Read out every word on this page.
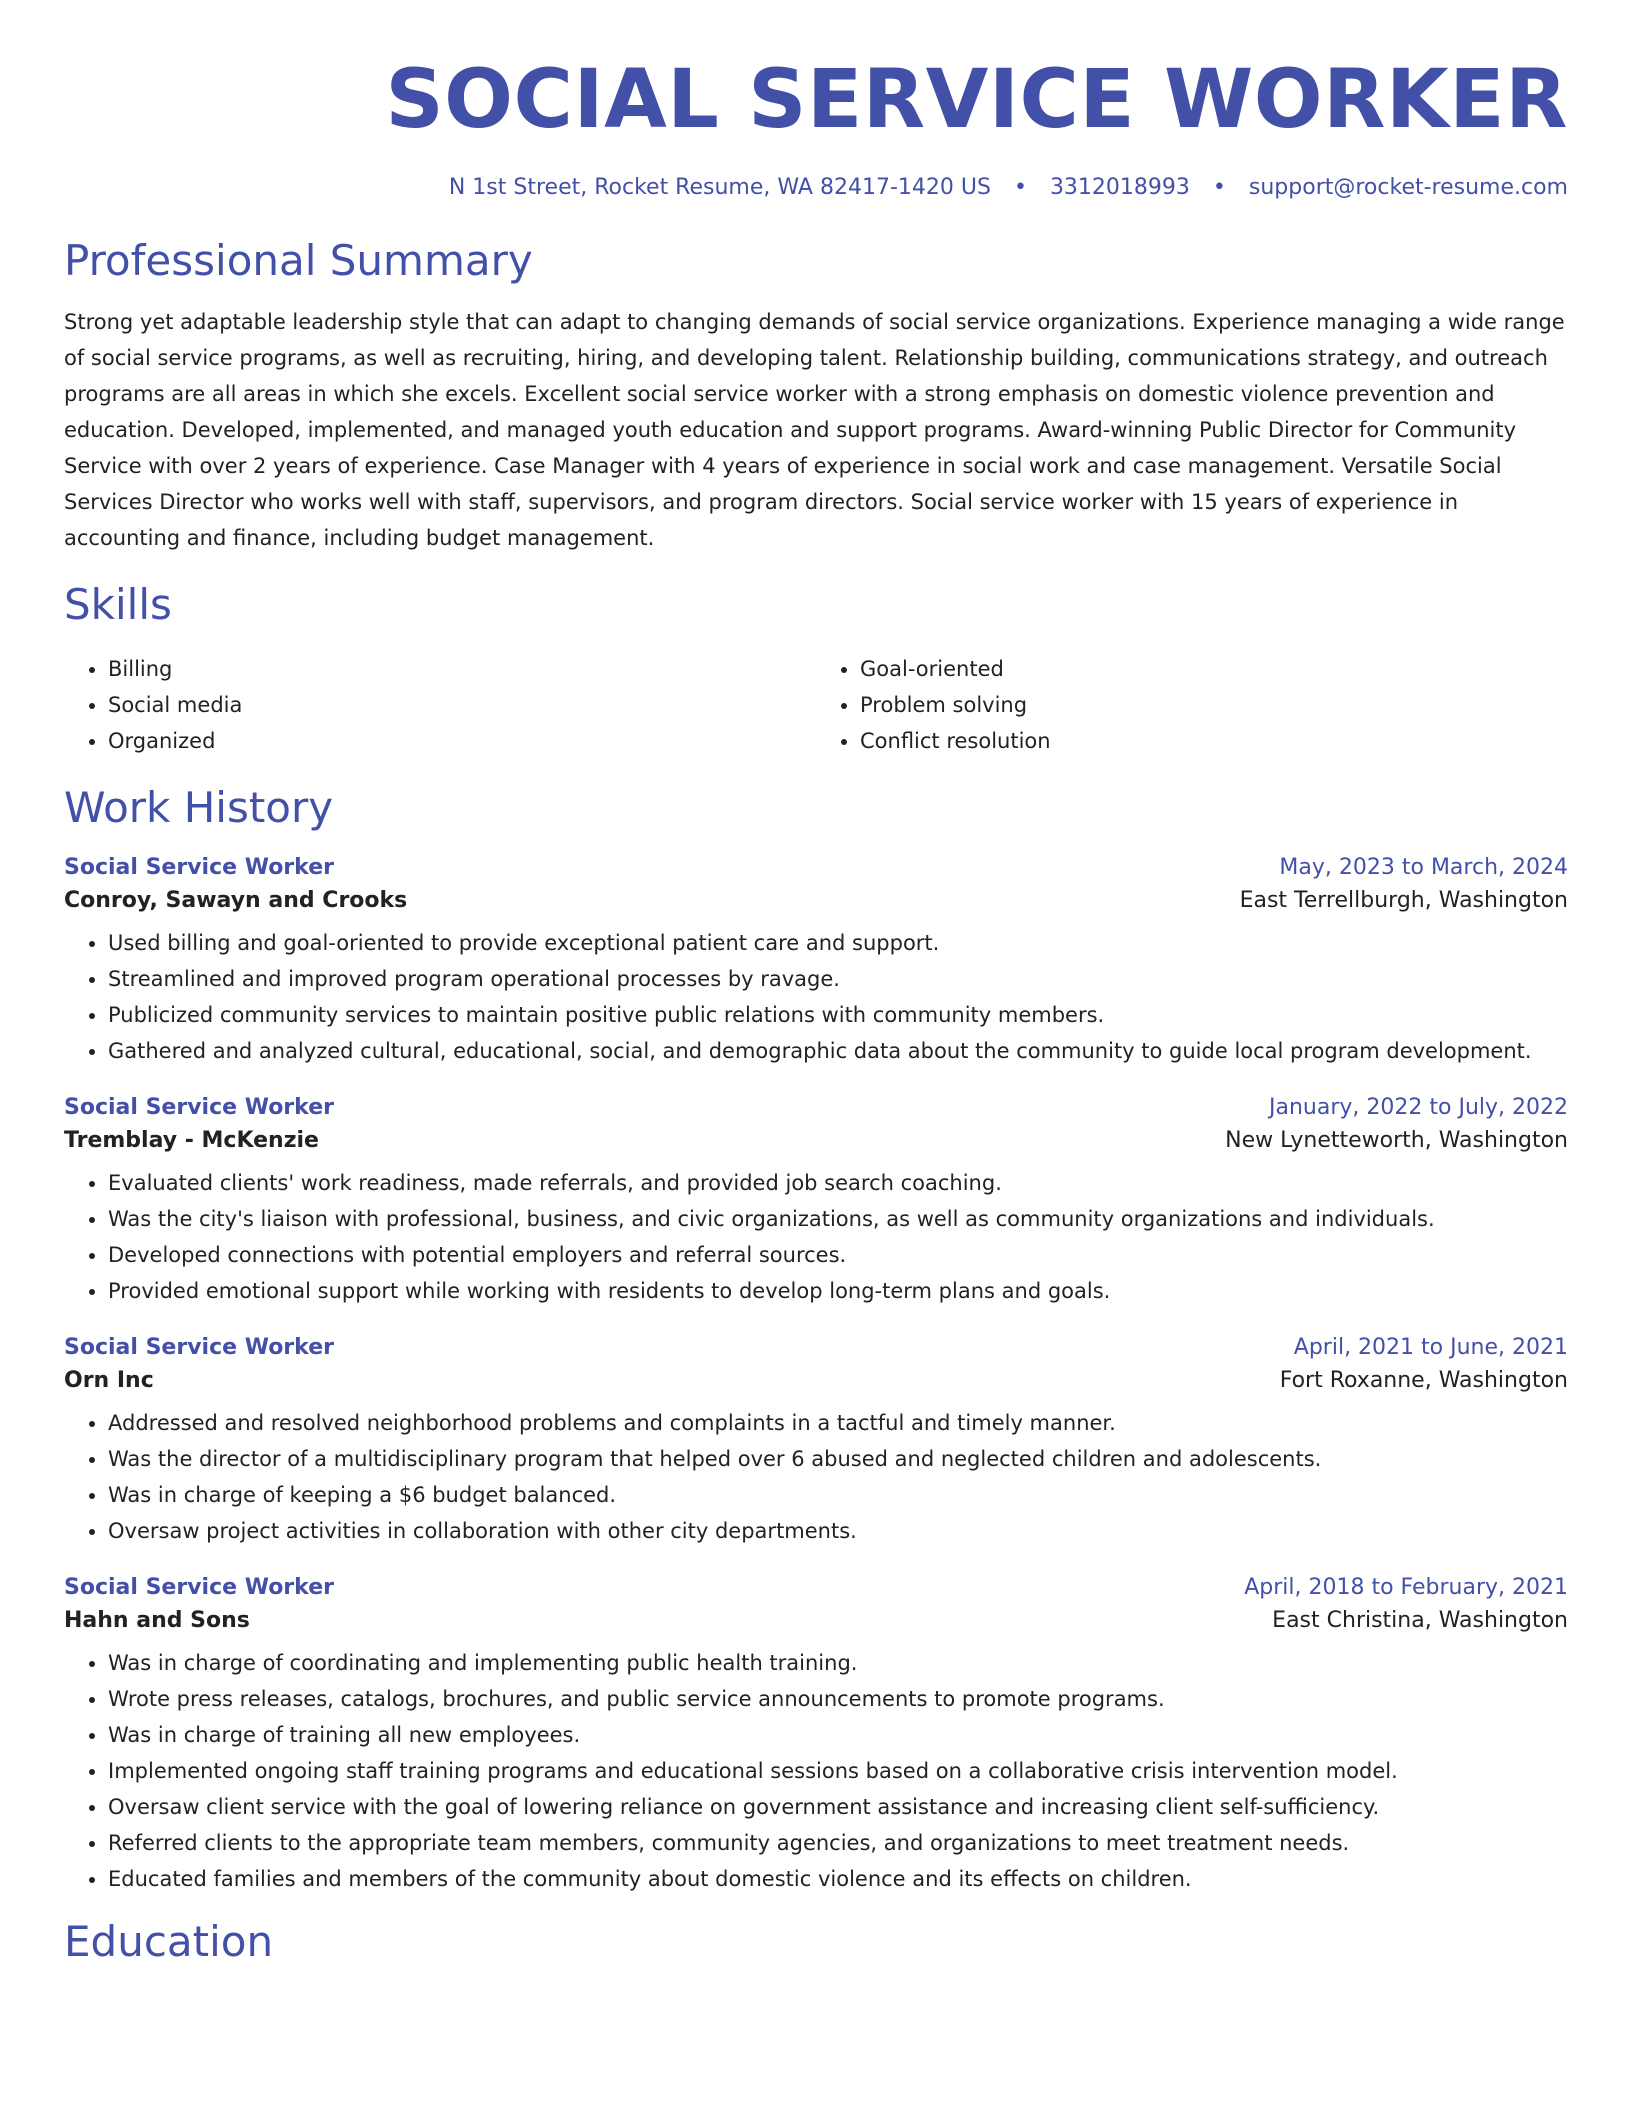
SOCIAL SERVICE WORKER
N 1st Street, Rocket Resume, WA 82417-1420 US • 3312018993 • support@rocket-resume.com
Professional Summary

Strong yet adaptable leadership style that can adapt to changing demands of social service organizations. Experience managing a wide range of social service programs, as well as recruiting, hiring, and developing talent. Relationship building, communications strategy, and outreach programs are all areas in which she excels. Excellent social service worker with a strong emphasis on domestic violence prevention and education. Developed, implemented, and managed youth education and support programs. Award-winning Public Director for Community Service with over 2 years of experience. Case Manager with 4 years of experience in social work and case management. Versatile Social Services Director who works well with staff, supervisors, and program directors. Social service worker with 15 years of experience in accounting and finance, including budget management.

Skills
• Billing
• Social media
• Organized
• Goal-oriented
• Problem solving
• Conflict resolution
Work History
Social Service Worker	May, 2023 to March, 2024
Conroy, Sawayn and Crooks	East Terrellburgh, Washington
• Used billing and goal-oriented to provide exceptional patient care and support.
• Streamlined and improved program operational processes by ravage.
• Publicized community services to maintain positive public relations with community members.
• Gathered and analyzed cultural, educational, social, and demographic data about the community to guide local program development.
Social Service Worker	January, 2022 to July, 2022
Tremblay - McKenzie	New Lynetteworth, Washington
• Evaluated clients' work readiness, made referrals, and provided job search coaching.
• Was the city's liaison with professional, business, and civic organizations, as well as community organizations and individuals.
• Developed connections with potential employers and referral sources.
• Provided emotional support while working with residents to develop long-term plans and goals.
Social Service Worker	April, 2021 to June, 2021
Orn Inc	Fort Roxanne, Washington
• Addressed and resolved neighborhood problems and complaints in a tactful and timely manner.
• Was the director of a multidisciplinary program that helped over 6 abused and neglected children and adolescents.
• Was in charge of keeping a $6 budget balanced.
• Oversaw project activities in collaboration with other city departments.
Social Service Worker	April, 2018 to February, 2021
Hahn and Sons	East Christina, Washington
• Was in charge of coordinating and implementing public health training.
• Wrote press releases, catalogs, brochures, and public service announcements to promote programs.
• Was in charge of training all new employees.
• Implemented ongoing staff training programs and educational sessions based on a collaborative crisis intervention model.
• Oversaw client service with the goal of lowering reliance on government assistance and increasing client self-sufficiency.
• Referred clients to the appropriate team members, community agencies, and organizations to meet treatment needs.
• Educated families and members of the community about domestic violence and its effects on children.
Education
